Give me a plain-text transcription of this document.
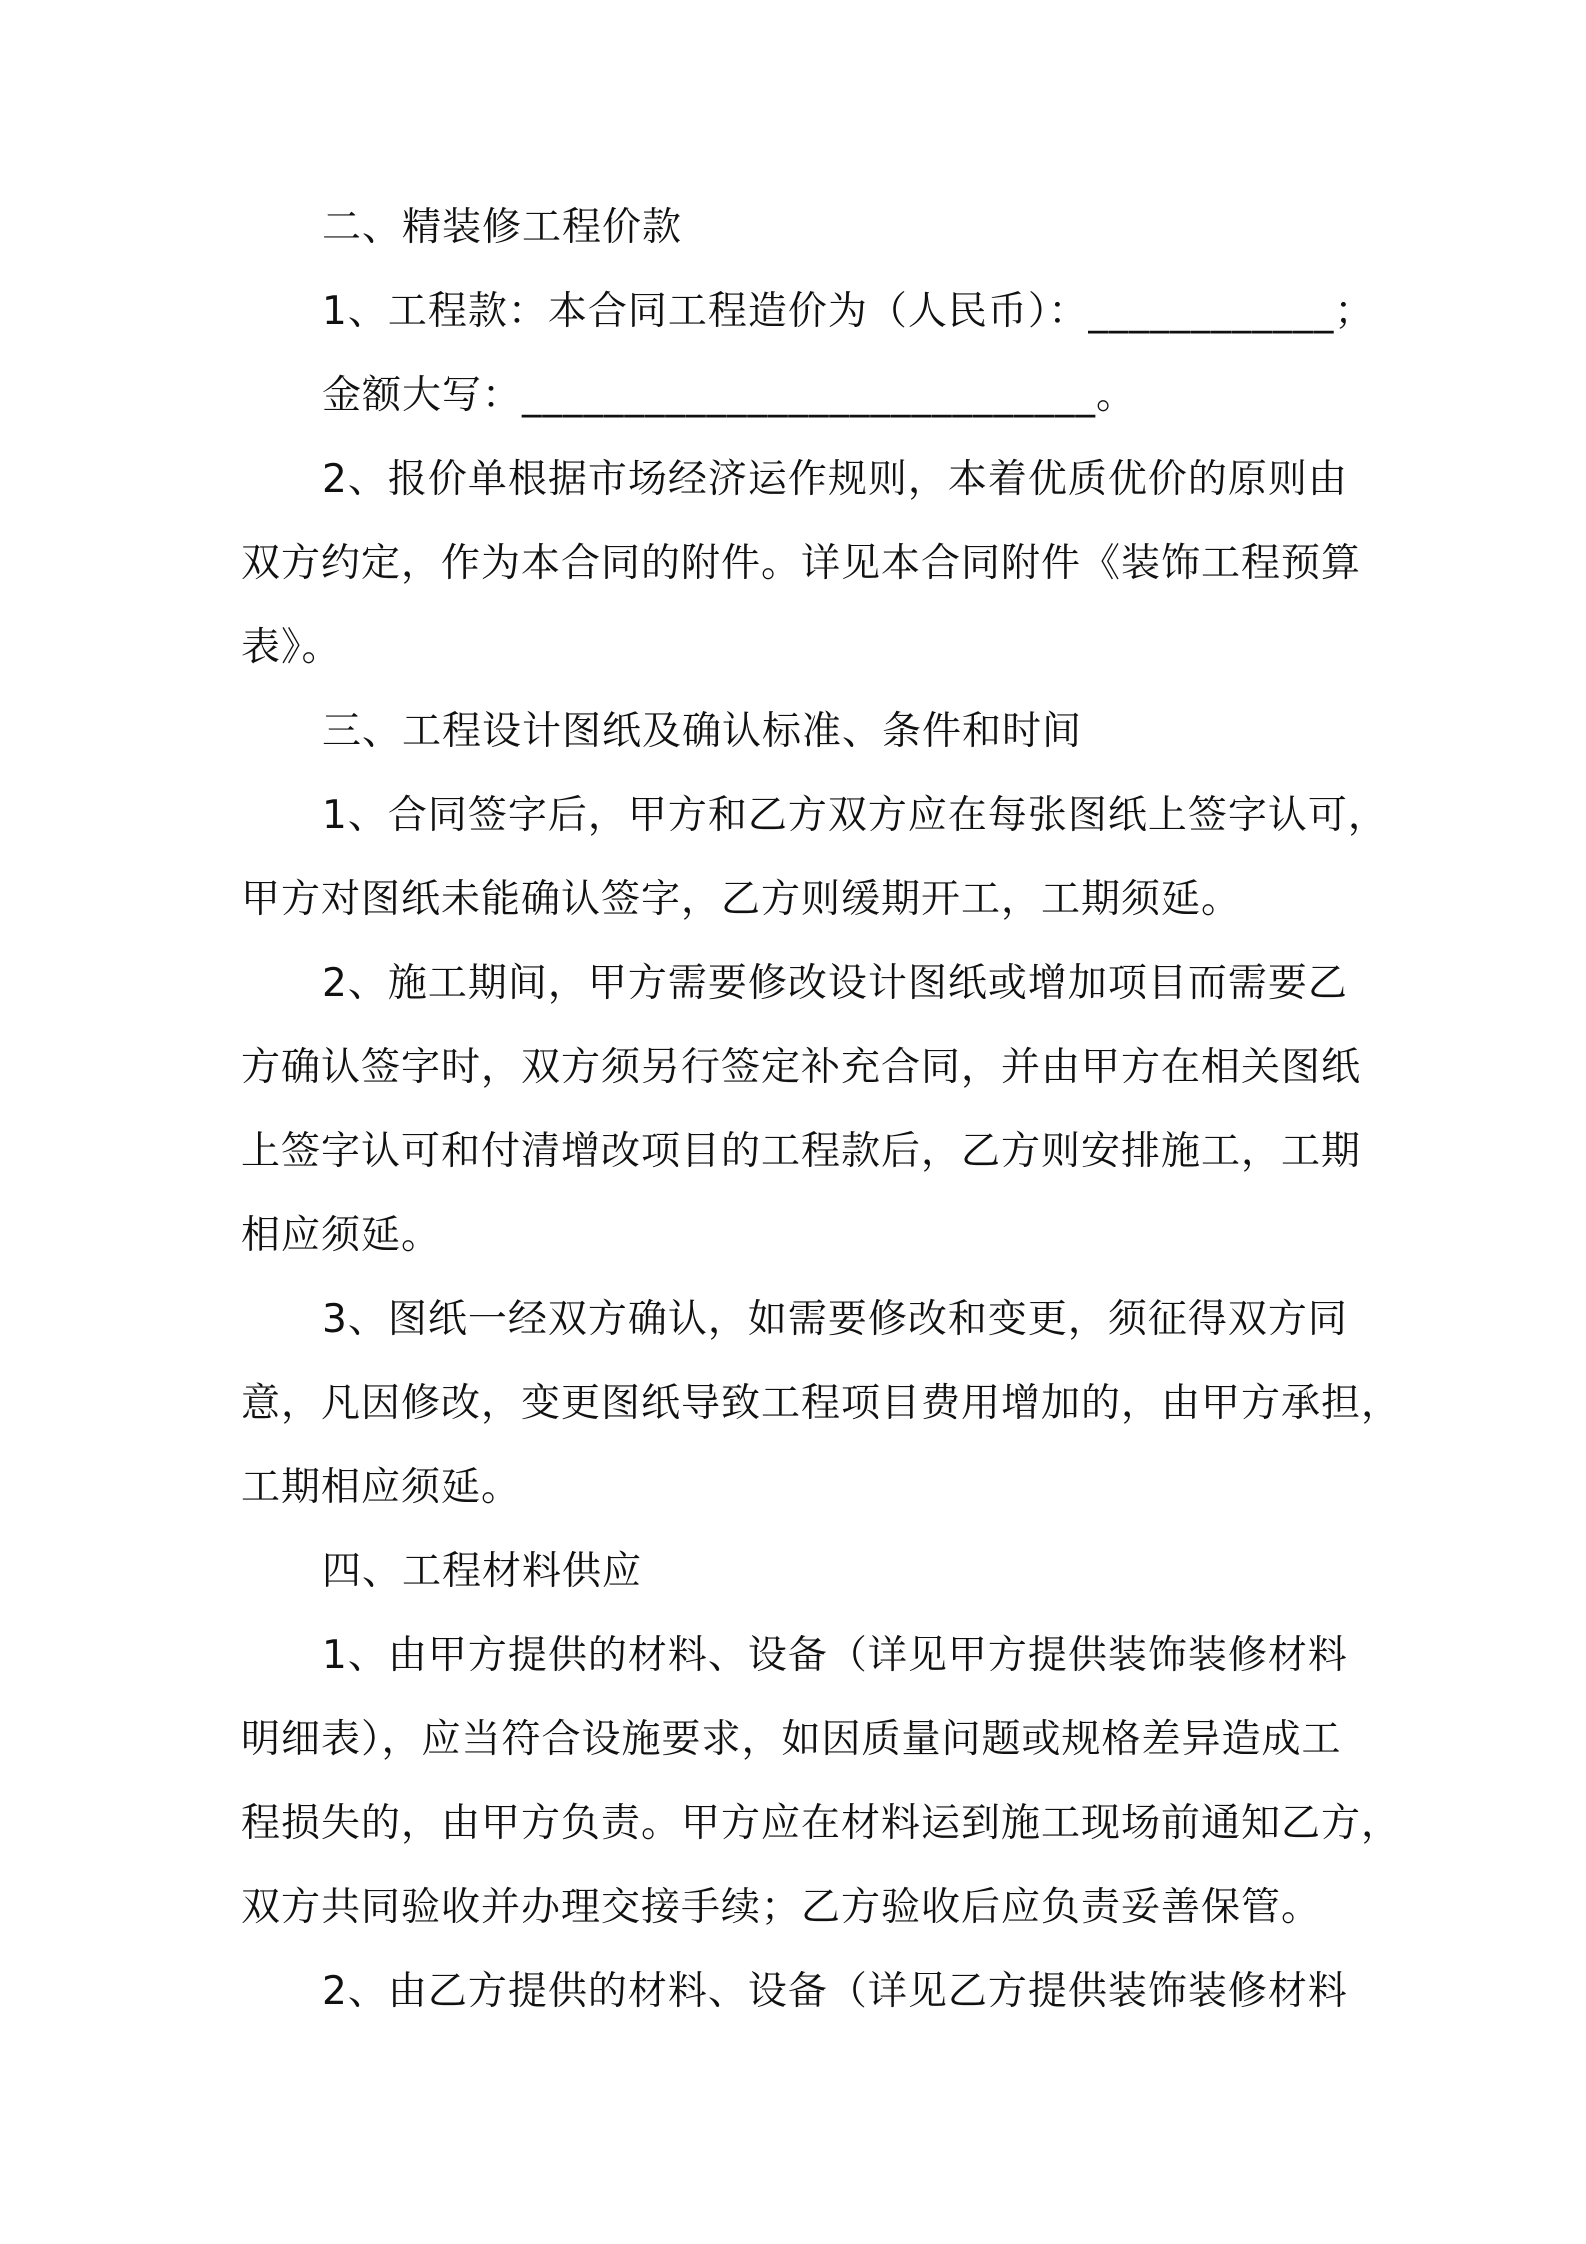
二、精装修工程价款
1、工程款：本合同工程造价为（人民币）：____________；
金额大写：____________________________。
2、报价单根据市场经济运作规则，本着优质优价的原则由
双方约定，作为本合同的附件。详见本合同附件《装饰工程预算
表》。
三、工程设计图纸及确认标准、条件和时间
1、合同签字后，甲方和乙方双方应在每张图纸上签字认可，
甲方对图纸未能确认签字，乙方则缓期开工，工期须延。
2、施工期间，甲方需要修改设计图纸或增加项目而需要乙
方确认签字时，双方须另行签定补充合同，并由甲方在相关图纸
上签字认可和付清增改项目的工程款后，乙方则安排施工，工期
相应须延。
3、图纸一经双方确认，如需要修改和变更，须征得双方同
意，凡因修改，变更图纸导致工程项目费用增加的，由甲方承担，
工期相应须延。
四、工程材料供应
1、由甲方提供的材料、设备（详见甲方提供装饰装修材料
明细表），应当符合设施要求，如因质量问题或规格差异造成工
程损失的，由甲方负责。甲方应在材料运到施工现场前通知乙方，
双方共同验收并办理交接手续；乙方验收后应负责妥善保管。
2、由乙方提供的材料、设备（详见乙方提供装饰装修材料
